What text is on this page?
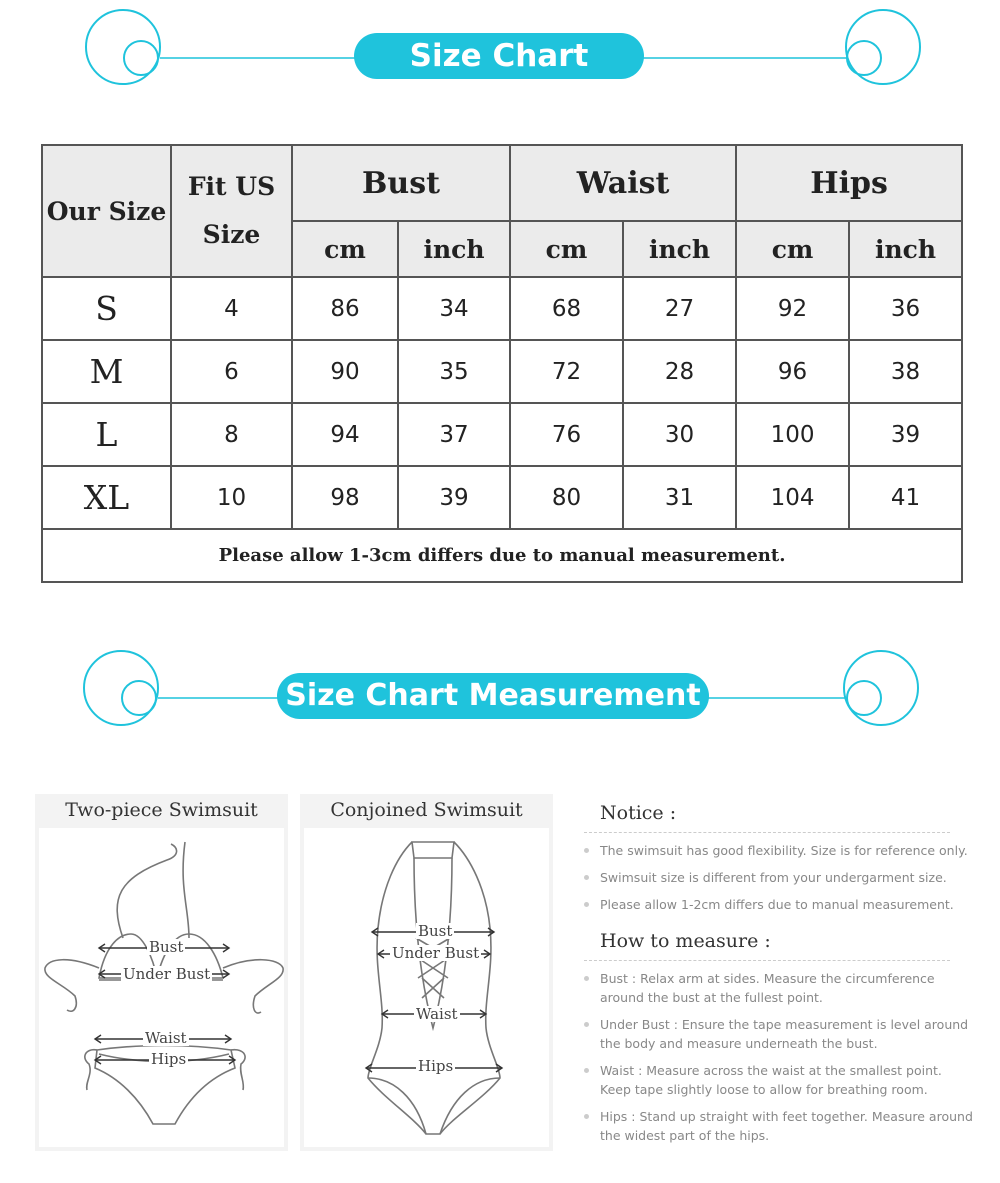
Size Chart
Our Size	Fit US
Size	Bust		Waist		Hips	
		cm	inch	cm	inch	cm	inch
S	4	86	34	68	27	92	36
M	6	90	35	72	28	96	38
L	8	94	37	76	30	100	39
XL	10	98	39	80	31	104	41
Please allow 1-3cm differs due to manual measurement.							
Size Chart Measurement
Two-piece Swimsuit
Bust
Under Bust
Waist
Hips
Conjoined Swimsuit
Bust
Under Bust
Waist
Hips
Notice :
The swimsuit has good flexibility. Size is for reference only.
Swimsuit size is different from your undergarment size.
Please allow 1-2cm differs due to manual measurement.
How to measure :
Bust : Relax arm at sides. Measure the circumference around the bust at the fullest point.
Under Bust : Ensure the tape measurement is level around the body and measure underneath the bust.
Waist : Measure across the waist at the smallest point. Keep tape slightly loose to allow for breathing room.
Hips : Stand up straight with feet together. Measure around the widest part of the hips.
